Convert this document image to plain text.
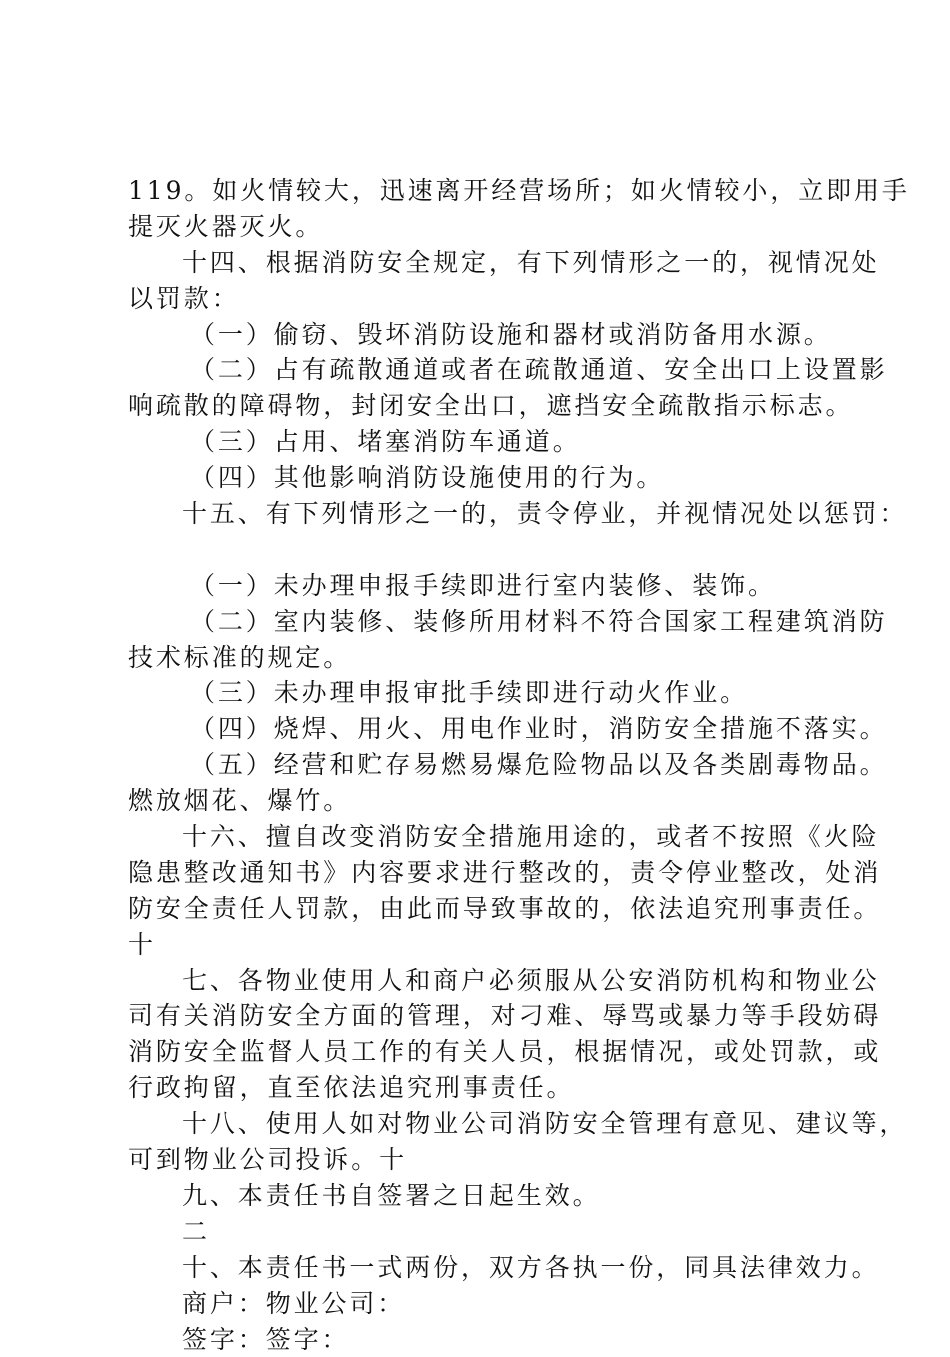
119。如火情较大，迅速离开经营场所；如火情较小，立即用手
提灭火器灭火。
十四、根据消防安全规定，有下列情形之一的，视情况处
以罚款：
（一）偷窃、毁坏消防设施和器材或消防备用水源。
（二）占有疏散通道或者在疏散通道、安全出口上设置影
响疏散的障碍物，封闭安全出口，遮挡安全疏散指示标志。
（三）占用、堵塞消防车通道。
（四）其他影响消防设施使用的行为。
十五、有下列情形之一的，责令停业，并视情况处以惩罚：
（一）未办理申报手续即进行室内装修、装饰。
（二）室内装修、装修所用材料不符合国家工程建筑消防
技术标准的规定。
（三）未办理申报审批手续即进行动火作业。
（四）烧焊、用火、用电作业时，消防安全措施不落实。
（五）经营和贮存易燃易爆危险物品以及各类剧毒物品。
燃放烟花、爆竹。
十六、擅自改变消防安全措施用途的，或者不按照《火险
隐患整改通知书》内容要求进行整改的，责令停业整改，处消
防安全责任人罚款，由此而导致事故的，依法追究刑事责任。
十
七、各物业使用人和商户必须服从公安消防机构和物业公
司有关消防安全方面的管理，对刁难、辱骂或暴力等手段妨碍
消防安全监督人员工作的有关人员，根据情况，或处罚款，或
行政拘留，直至依法追究刑事责任。
十八、使用人如对物业公司消防安全管理有意见、建议等，
可到物业公司投诉。十
九、本责任书自签署之日起生效。
二
十、本责任书一式两份，双方各执一份，同具法律效力。
商户：物业公司：
签字：签字：
